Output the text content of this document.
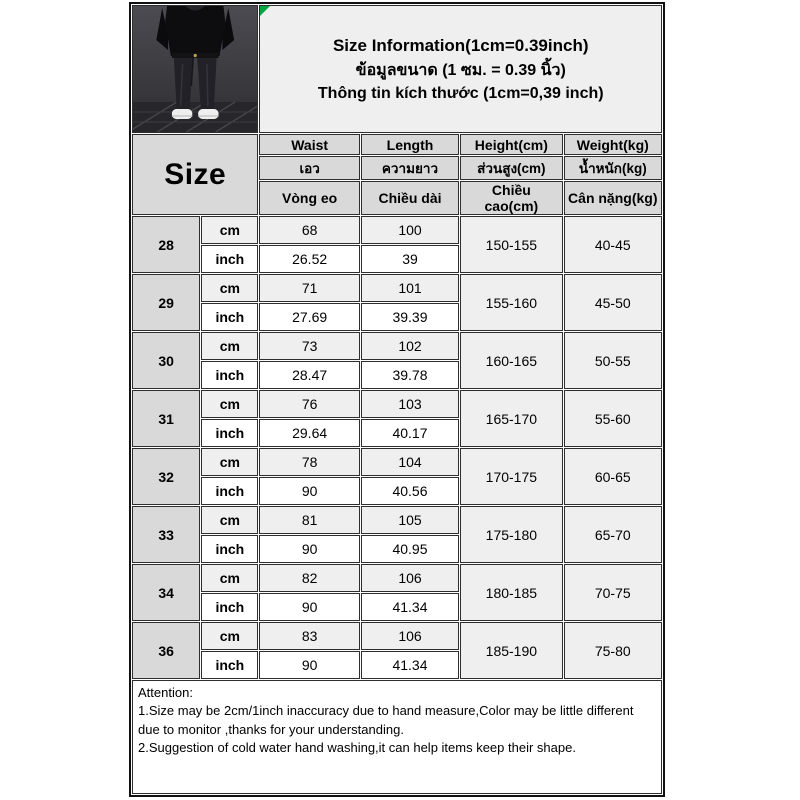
Size Information(1cm=0.39inch)
ข้อมูลขนาด (1 ซม. = 0.39 นิ้ว)
Thông tin kích thước (1cm=0,39 inch)			

Size		Waist	Length	Height(cm)	Weight(kg)
		เอว	ความยาว	ส่วนสูง(cm)	น้ำหนัก(kg)
		Vòng eo	Chiều dài	Chiều cao(cm)	Cân nặng(kg)
28	cm	68	100	150-155	40-45
	inch	26.52	39		
29	cm	71	101	155-160	45-50
	inch	27.69	39.39		
30	cm	73	102	160-165	50-55
	inch	28.47	39.78		
31	cm	76	103	165-170	55-60
	inch	29.64	40.17		
32	cm	78	104	170-175	60-65
	inch	90	40.56		
33	cm	81	105	175-180	65-70
	inch	90	40.95		
34	cm	82	106	180-185	70-75
	inch	90	41.34		
36	cm	83	106	185-190	75-80
	inch	90	41.34		

Attention:
1.Size may be 2cm/1inch inaccuracy due to hand measure,Color may be little different due to monitor ,thanks for your understanding.
2.Suggestion of cold water hand washing,it can help items keep their shape.					
